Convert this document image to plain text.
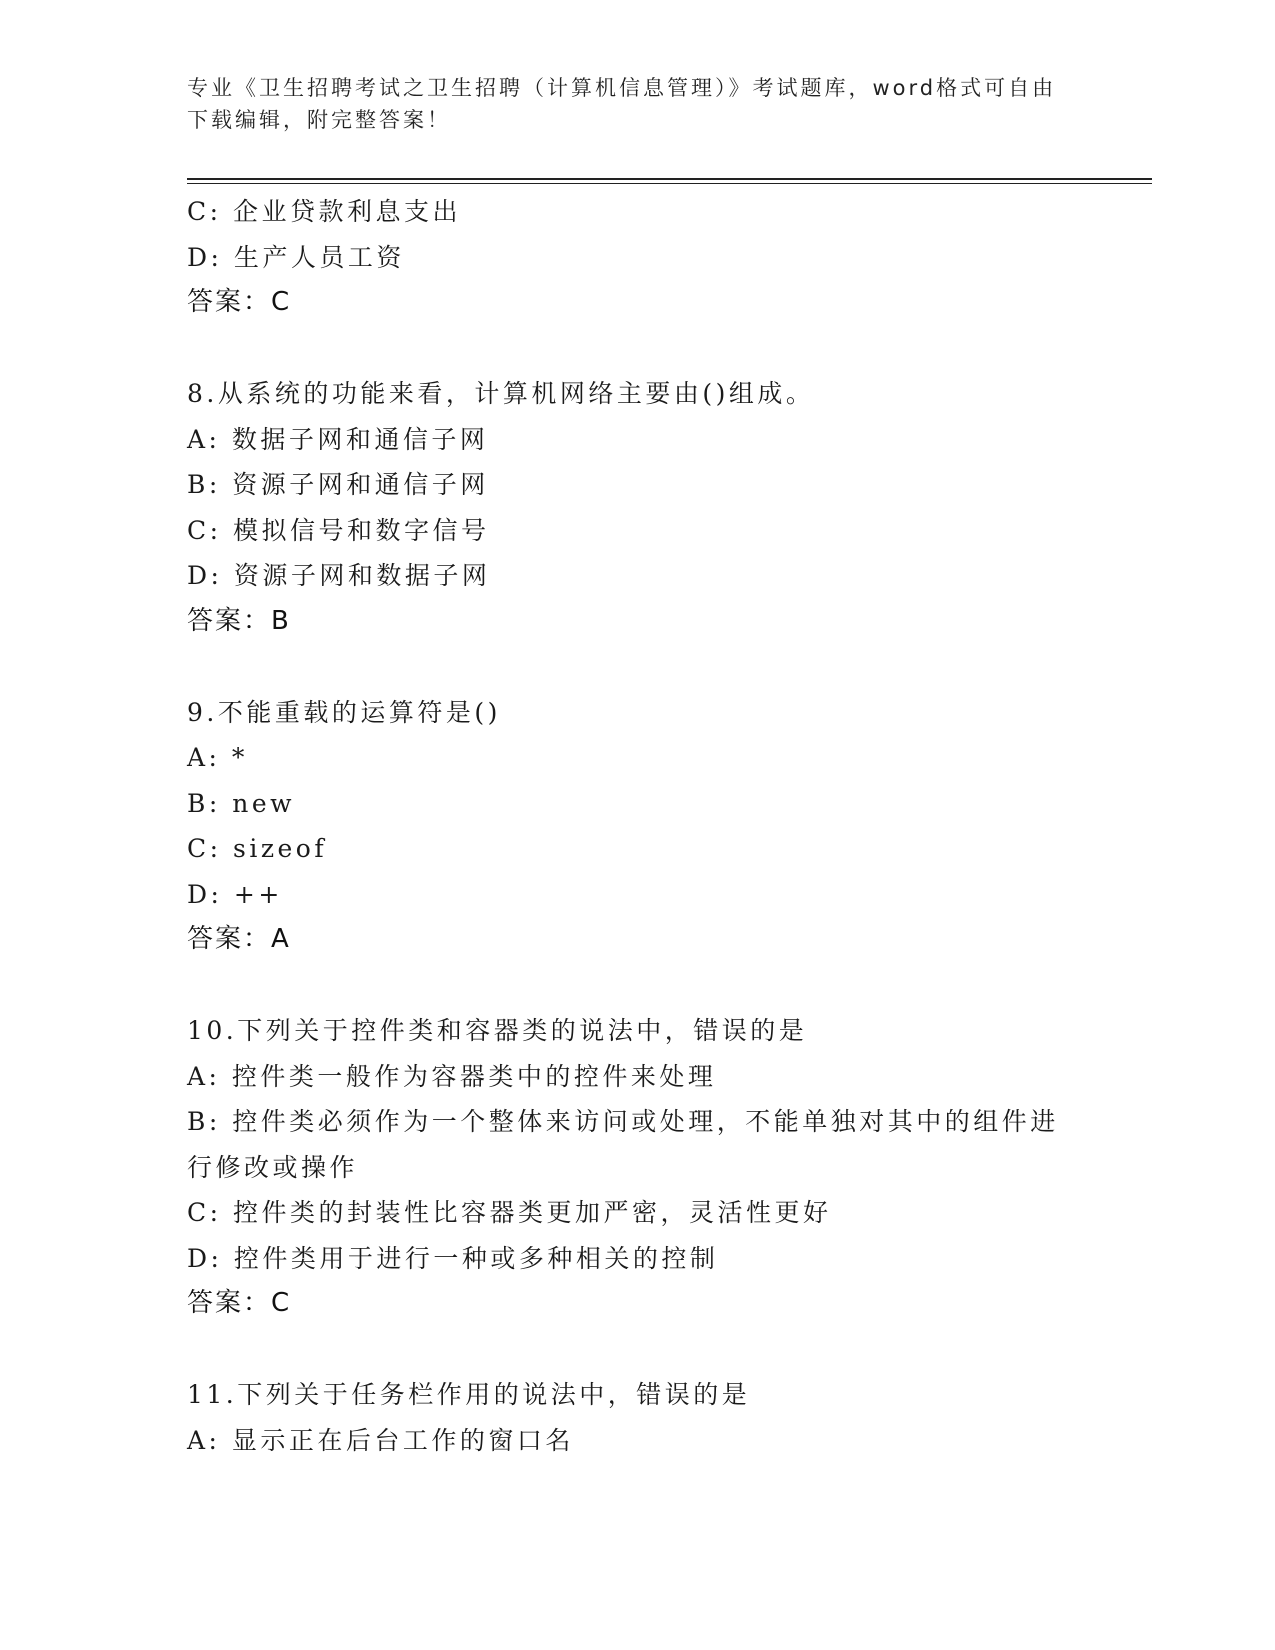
专业《卫生招聘考试之卫生招聘（计算机信息管理）》考试题库，word格式可自由下载编辑，附完整答案！
C: 企业贷款利息支出
D: 生产人员工资
答案：C
8.从系统的功能来看，计算机网络主要由()组成。
A: 数据子网和通信子网
B: 资源子网和通信子网
C: 模拟信号和数字信号
D: 资源子网和数据子网
答案：B
9.不能重载的运算符是()
A: *
B: new
C: sizeof
D: ++
答案：A
10.下列关于控件类和容器类的说法中，错误的是
A: 控件类一般作为容器类中的控件来处理
B: 控件类必须作为一个整体来访问或处理，不能单独对其中的组件进行修改或操作
C: 控件类的封装性比容器类更加严密，灵活性更好
D: 控件类用于进行一种或多种相关的控制
答案：C
11.下列关于任务栏作用的说法中，错误的是
A: 显示正在后台工作的窗口名
